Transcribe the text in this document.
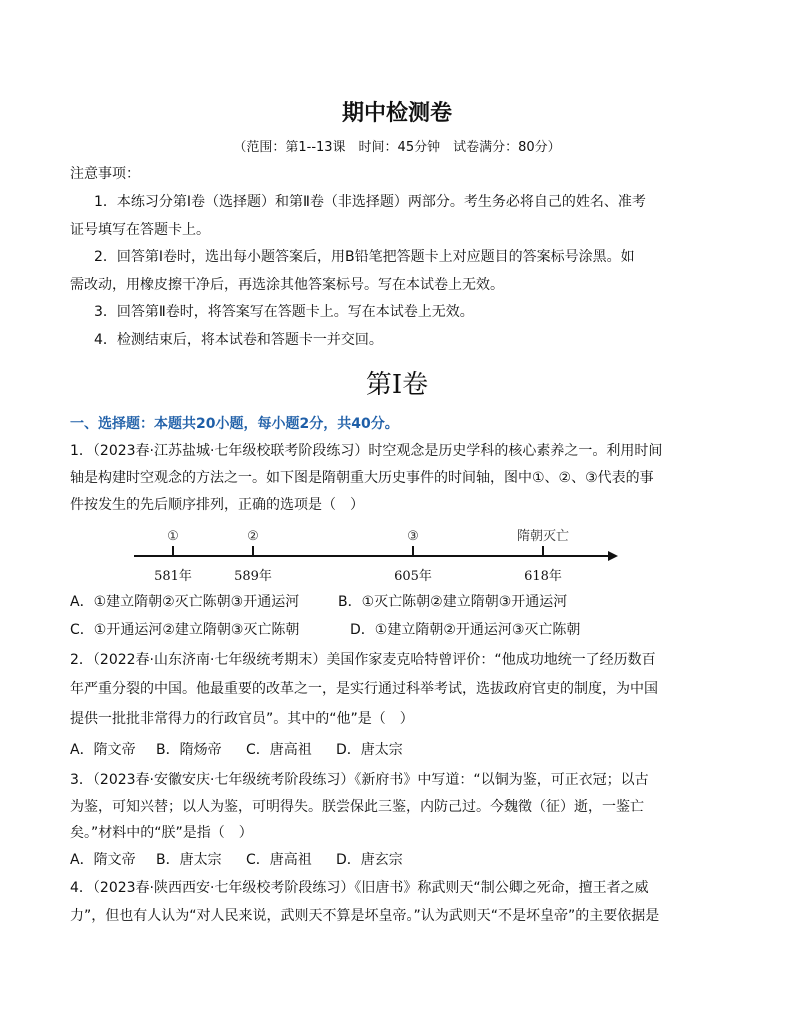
期中检测卷
（范围：第1--13课　时间：45分钟　试卷满分：80分）
注意事项：
1．本练习分第Ⅰ卷（选择题）和第Ⅱ卷（非选择题）两部分。考生务必将自己的姓名、准考
证号填写在答题卡上。
2．回答第Ⅰ卷时，选出每小题答案后，用B铅笔把答题卡上对应题目的答案标号涂黑。如
需改动，用橡皮擦干净后，再选涂其他答案标号。写在本试卷上无效。
3．回答第Ⅱ卷时，将答案写在答题卡上。写在本试卷上无效。
4．检测结束后，将本试卷和答题卡一并交回。
第Ⅰ卷
一、选择题：本题共20小题，每小题2分，共40分。
1．（2023春·江苏盐城·七年级校联考阶段练习）时空观念是历史学科的核心素养之一。利用时间
轴是构建时空观念的方法之一。如下图是隋朝重大历史事件的时间轴，图中①、②、③代表的事
件按发生的先后顺序排列，正确的选项是（　）
①
581年
②
589年
③
605年
隋朝灭亡
618年
A．①建立隋朝②灭亡陈朝③开通运河	B．①灭亡陈朝②建立隋朝③开通运河
C．①开通运河②建立隋朝③灭亡陈朝	D．①建立隋朝②开通运河③灭亡陈朝
2．（2022春·山东济南·七年级统考期末）美国作家麦克哈特曾评价：“他成功地统一了经历数百
年严重分裂的中国。他最重要的改革之一，是实行通过科举考试，选拔政府官吏的制度，为中国
提供一批批非常得力的行政官员”。其中的“他”是（　）
A．隋文帝 B．隋炀帝 C．唐高祖 D．唐太宗
3．（2023春·安徽安庆·七年级统考阶段练习）《新府书》中写道：“以铜为鉴，可正衣冠；以古
为鉴，可知兴替；以人为鉴，可明得失。朕尝保此三鉴，内防己过。今魏徵（征）逝，一鉴亡
矣。”材料中的“朕”是指（　）
A．隋文帝 B．唐太宗 C．唐高祖 D．唐玄宗
4．（2023春·陕西西安·七年级校考阶段练习）《旧唐书》称武则天“制公卿之死命，擅王者之威
力”，但也有人认为“对人民来说，武则天不算是坏皇帝。”认为武则天“不是坏皇帝”的主要依据是
